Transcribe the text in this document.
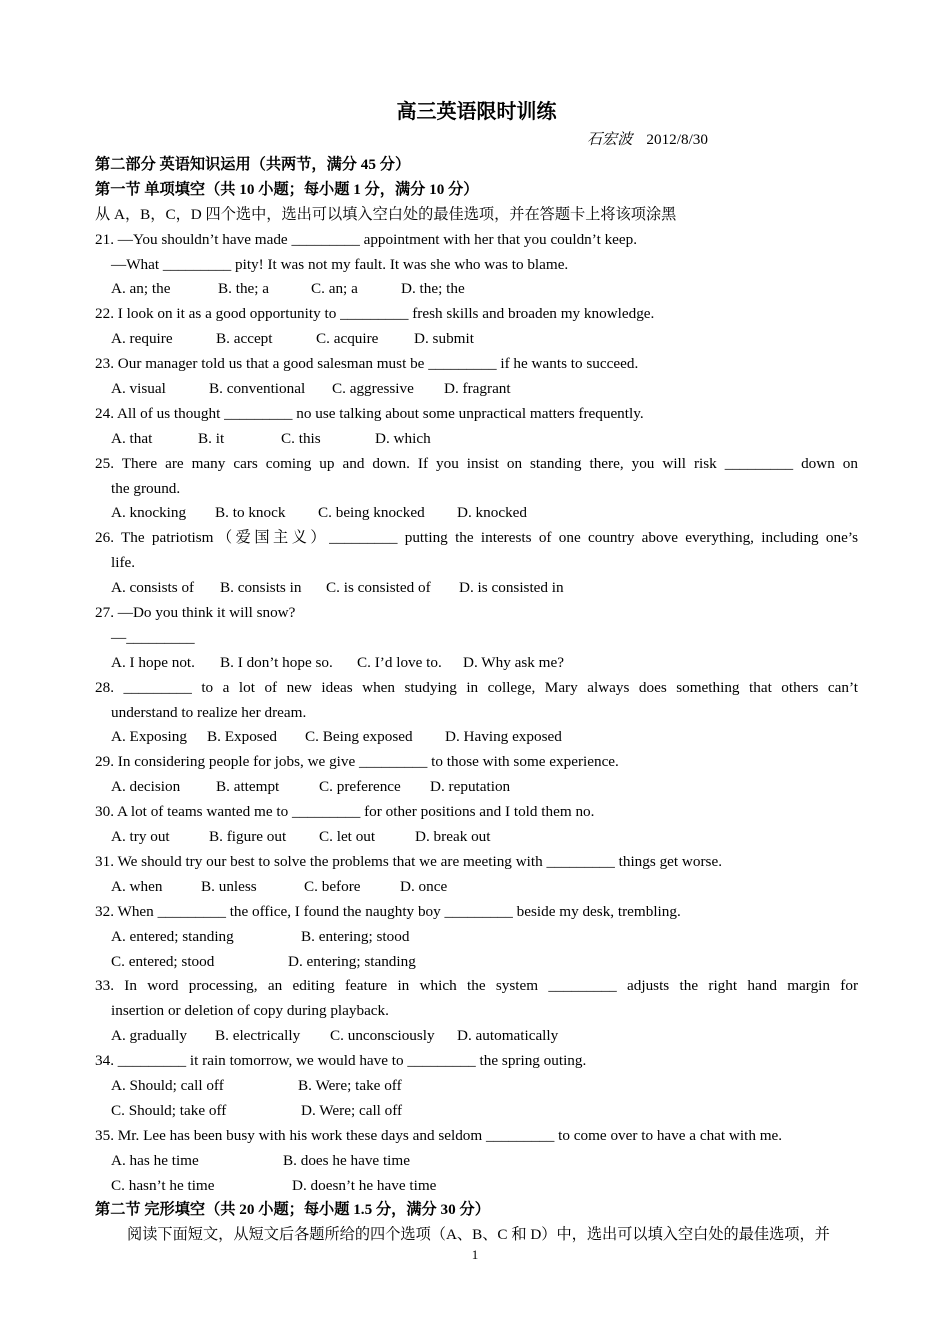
高三英语限时训练
石宏波 2012/8/30
第二部分 英语知识运用（共两节，满分 45 分）
第一节 单项填空（共 10 小题；每小题 1 分，满分 10 分）
从 A，B，C，D 四个选中，选出可以填入空白处的最佳选项，并在答题卡上将该项涂黑
21. —You shouldn’t have made _________ appointment with her that you couldn’t keep.
—What _________ pity! It was not my fault. It was she who was to blame.
A. an; the	B. the; a	C. an; a	D. the; the
22. I look on it as a good opportunity to _________ fresh skills and broaden my knowledge.
A. require	B. accept	C. acquire D. submit
23. Our manager told us that a good salesman must be _________ if he wants to succeed.
A. visual	B. conventional C. aggressive D. fragrant
24. All of us thought _________ no use talking about some unpractical matters frequently.
A. that	B. it	C. this	D. which
25. There are many cars coming up and down. If you insist on standing there, you will risk _________ down on
the ground.
A. knocking B. to knock C. being knocked D. knocked
26. The patriotism（爱国主义）_________ putting the interests of one country above everything, including one’s
life.
A. consists of B. consists in C. is consisted of D. is consisted in
27. —Do you think it will snow?
—_________
A. I hope not. B. I don’t hope so. C. I’d love to. D. Why ask me?
28. _________ to a lot of new ideas when studying in college, Mary always does something that others can’t
understand to realize her dream.
A. Exposing B. Exposed C. Being exposed D. Having exposed
29. In considering people for jobs, we give _________ to those with some experience.
A. decision B. attempt	C. preference D. reputation
30. A lot of teams wanted me to _________ for other positions and I told them no.
A. try out	B. figure out C. let out	D. break out
31. We should try our best to solve the problems that we are meeting with _________ things get worse.
A. when	B. unless	C. before	D. once
32. When _________ the office, I found the naughty boy _________ beside my desk, trembling.
A. entered; standing	B. entering; stood
C. entered; stood	D. entering; standing
33. In word processing, an editing feature in which the system _________ adjusts the right hand margin for
insertion or deletion of copy during playback.
A. gradually B. electrically C. unconsciously D. automatically
34. _________ it rain tomorrow, we would have to _________ the spring outing.
A. Should; call off	B. Were; take off
C. Should; take off	D. Were; call off
35. Mr. Lee has been busy with his work these days and seldom _________ to come over to have a chat with me.
A. has he time	B. does he have time
C. hasn’t he time	D. doesn’t he have time
第二节 完形填空（共 20 小题；每小题 1.5 分，满分 30 分）
阅读下面短文，从短文后各题所给的四个选项（A、B、C 和 D）中，选出可以填入空白处的最佳选项，并
1
